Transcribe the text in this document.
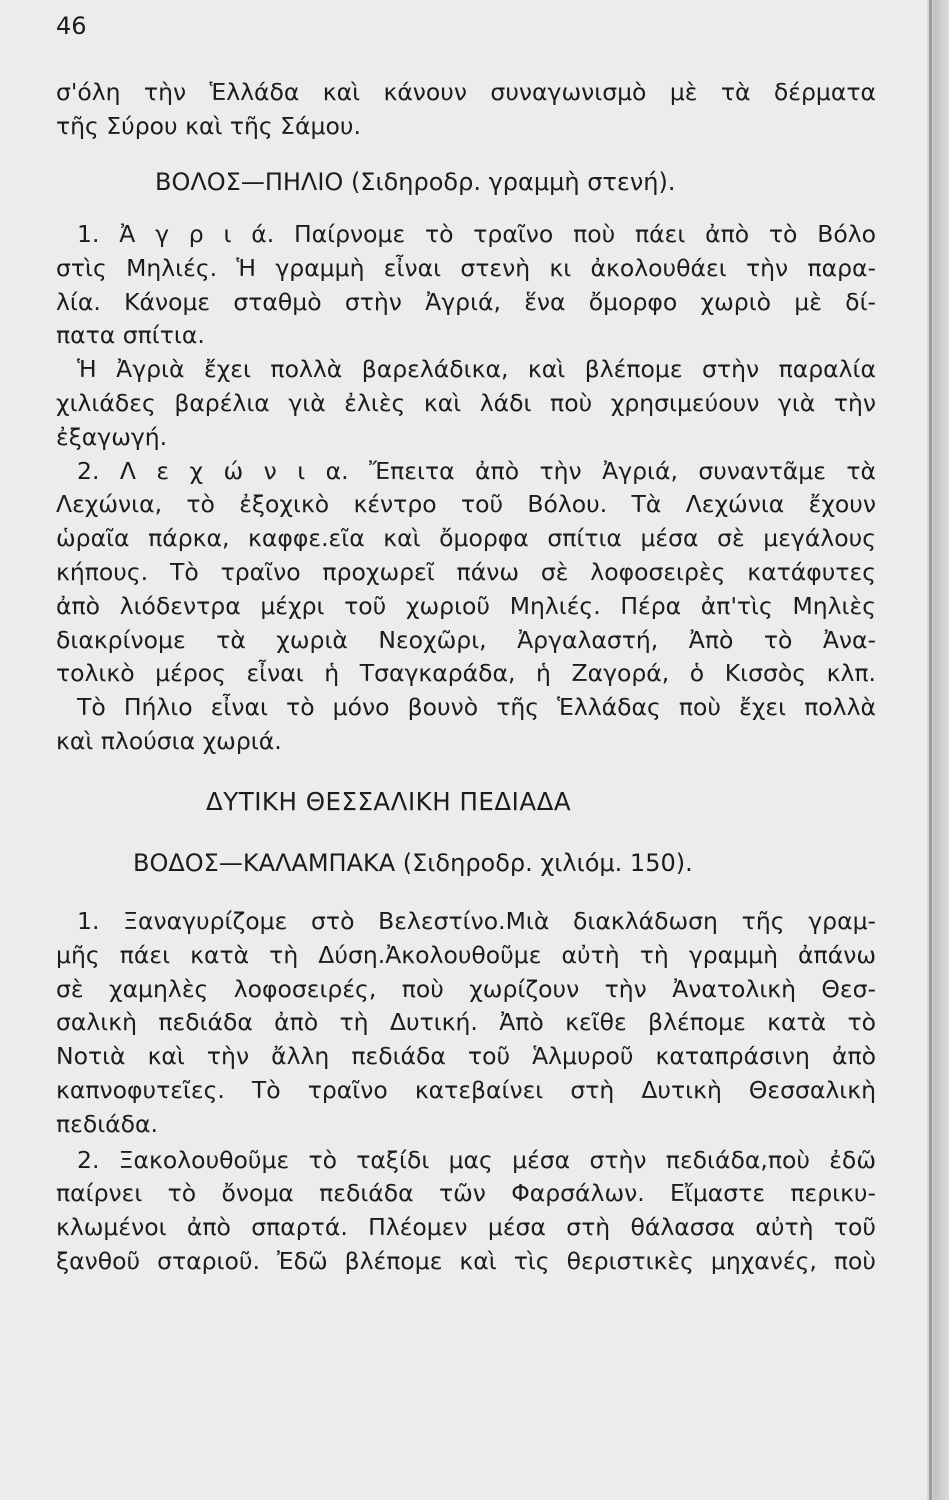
46
σ'όλη τὴν Ἑλλάδα καὶ κάνουν συναγωνισμὸ μὲ τὰ δέρματα
τῆς Σύρου καὶ τῆς Σάμου.
ΒΟΛΟΣ—ΠΗΛΙΟ (Σιδηροδρ. γραμμὴ στενή).
1. Ἀ γ ρ ι ά. Παίρνομε τὸ τραῖνο ποὺ πάει ἀπὸ τὸ Βόλο
στὶς Μηλιές. Ἡ γραμμὴ εἶναι στενὴ κι ἀκολουθάει τὴν παρα-
λία. Κάνομε σταθμὸ στὴν Ἀγριά, ἕνα ὄμορφο χωριὸ μὲ δί-
πατα σπίτια.
Ἡ Ἀγριὰ ἔχει πολλὰ βαρελάδικα, καὶ βλέπομε στὴν παραλία
χιλιάδες βαρέλια γιὰ ἐλιὲς καὶ λάδι ποὺ χρησιμεύουν γιὰ τὴν
ἐξαγωγή.
2. Λ ε χ ώ ν ι α. Ἔπειτα ἀπὸ τὴν Ἀγριά, συναντᾶμε τὰ
Λεχώνια, τὸ ἐξοχικὸ κέντρο τοῦ Βόλου. Τὰ Λεχώνια ἔχουν
ὡραῖα πάρκα, καφφε.εῖα καὶ ὄμορφα σπίτια μέσα σὲ μεγάλους
κήπους. Τὸ τραῖνο προχωρεῖ πάνω σὲ λοφοσειρὲς κατάφυτες
ἀπὸ λιόδεντρα μέχρι τοῦ χωριοῦ Μηλιές. Πέρα ἀπ'τὶς Μηλιὲς
διακρίνομε τὰ χωριὰ Νεοχῶρι, Ἀργαλαστή, Ἀπὸ τὸ Ἀνα-
τολικὸ μέρος εἶναι ἡ Τσαγκαράδα, ἡ Ζαγορά, ὁ Κισσὸς κλπ.
Τὸ Πήλιο εἶναι τὸ μόνο βουνὸ τῆς Ἑλλάδας ποὺ ἔχει πολλὰ
καὶ πλούσια χωριά.
ΔΥΤΙΚΗ ΘΕΣΣΑΛΙΚΗ ΠΕΔΙΑΔΑ
ΒΟΔΟΣ—ΚΑΛΑΜΠΑΚΑ (Σιδηροδρ. χιλιόμ. 150).
1. Ξαναγυρίζομε στὸ Βελεστίνο.Μιὰ διακλάδωση τῆς γραμ-
μῆς πάει κατὰ τὴ Δύση.Ἀκολουθοῦμε αὐτὴ τὴ γραμμὴ ἀπάνω
σὲ χαμηλὲς λοφοσειρές, ποὺ χωρίζουν τὴν Ἀνατολικὴ Θεσ-
σαλικὴ πεδιάδα ἀπὸ τὴ Δυτική. Ἀπὸ κεῖθε βλέπομε κατὰ τὸ
Νοτιὰ καὶ τὴν ἄλλη πεδιάδα τοῦ Ἁλμυροῦ καταπράσινη ἀπὸ
καπνοφυτεῖες. Τὸ τραῖνο κατεβαίνει στὴ Δυτικὴ Θεσσαλικὴ
πεδιάδα.
2. Ξακολουθοῦμε τὸ ταξίδι μας μέσα στὴν πεδιάδα,ποὺ ἐδῶ
παίρνει τὸ ὄνομα πεδιάδα τῶν Φαρσάλων. Εἴμαστε περικυ-
κλωμένοι ἀπὸ σπαρτά. Πλέομεν μέσα στὴ θάλασσα αὐτὴ τοῦ
ξανθοῦ σταριοῦ. Ἐδῶ βλέπομε καὶ τὶς θεριστικὲς μηχανές, ποὺ
